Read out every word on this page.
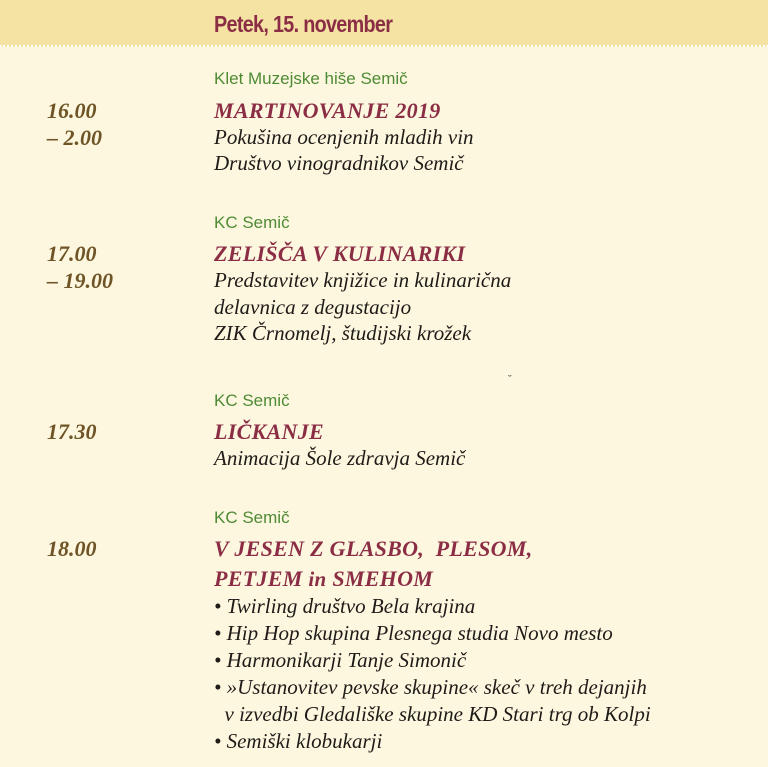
Petek, 15. november
Klet Muzejske hiše Semič
16.00
– 2.00
MARTINOVANJE 2019
Pokušina ocenjenih mladih vin
Društvo vinogradnikov Semič
KC Semič
17.00
– 19.00
ZELIŠČA V KULINARIKI
Predstavitev knjižice in kulinarična
delavnica z degustacijo
ZIK Črnomelj, študijski krožek
ˇ
KC Semič
17.30	LIČKANJE
Animacija Šole zdravja Semič
KC Semič
18.00	V JESEN Z GLASBO,  PLESOM,
PETJEM in SMEHOM
• Twirling društvo Bela krajina
• Hip Hop skupina Plesnega studia Novo mesto
• Harmonikarji Tanje Simonič
• »Ustanovitev pevske skupine« skeč v treh dejanjih
v izvedbi Gledališke skupine KD Stari trg ob Kolpi
• Semiški klobukarji
